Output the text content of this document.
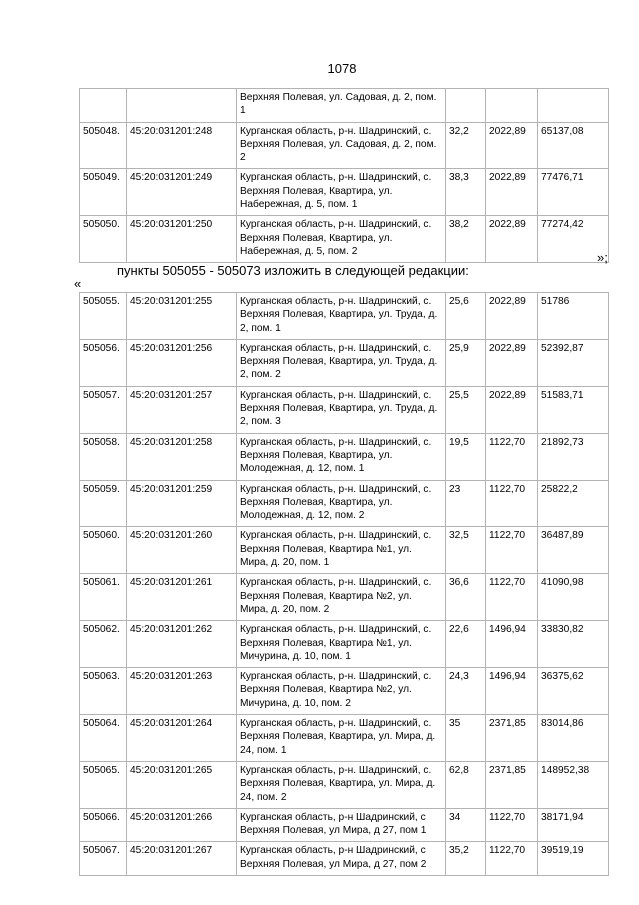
1078
		Верхняя Полевая, ул. Садовая, д. 2, пом. 1			
505048.	45:20:031201:248	Курганская область, р-н. Шадринский, с. Верхняя Полевая, ул. Садовая, д. 2, пом. 2	32,2	2022,89	65137,08
505049.	45:20:031201:249	Курганская область, р-н. Шадринский, с. Верхняя Полевая, Квартира, ул. Набережная, д. 5, пом. 1	38,3	2022,89	77476,71
505050.	45:20:031201:250	Курганская область, р-н. Шадринский, с. Верхняя Полевая, Квартира, ул. Набережная, д. 5, пом. 2	38,2	2022,89	77274,42
»;
пункты 505055 - 505073 изложить в следующей редакции:
«
505055.	45:20:031201:255	Курганская область, р-н. Шадринский, с. Верхняя Полевая, Квартира, ул. Труда, д. 2, пом. 1	25,6	2022,89	51786
505056.	45:20:031201:256	Курганская область, р-н. Шадринский, с. Верхняя Полевая, Квартира, ул. Труда, д. 2, пом. 2	25,9	2022,89	52392,87
505057.	45:20:031201:257	Курганская область, р-н. Шадринский, с. Верхняя Полевая, Квартира, ул. Труда, д. 2, пом. 3	25,5	2022,89	51583,71
505058.	45:20:031201:258	Курганская область, р-н. Шадринский, с. Верхняя Полевая, Квартира, ул. Молодежная, д. 12, пом. 1	19,5	1122,70	21892,73
505059.	45:20:031201:259	Курганская область, р-н. Шадринский, с. Верхняя Полевая, Квартира, ул. Молодежная, д. 12, пом. 2	23	1122,70	25822,2
505060.	45:20:031201:260	Курганская область, р-н. Шадринский, с. Верхняя Полевая, Квартира №1, ул. Мира, д. 20, пом. 1	32,5	1122,70	36487,89
505061.	45:20:031201:261	Курганская область, р-н. Шадринский, с. Верхняя Полевая, Квартира №2, ул. Мира, д. 20, пом. 2	36,6	1122,70	41090,98
505062.	45:20:031201:262	Курганская область, р-н. Шадринский, с. Верхняя Полевая, Квартира №1, ул. Мичурина, д. 10, пом. 1	22,6	1496,94	33830,82
505063.	45:20:031201:263	Курганская область, р-н. Шадринский, с. Верхняя Полевая, Квартира №2, ул. Мичурина, д. 10, пом. 2	24,3	1496,94	36375,62
505064.	45:20:031201:264	Курганская область, р-н. Шадринский, с. Верхняя Полевая, Квартира, ул. Мира, д. 24, пом. 1	35	2371,85	83014,86
505065.	45:20:031201:265	Курганская область, р-н. Шадринский, с. Верхняя Полевая, Квартира, ул. Мира, д. 24, пом. 2	62,8	2371,85	148952,38
505066.	45:20:031201:266	Курганская область, р-н Шадринский, с Верхняя Полевая, ул Мира, д 27, пом 1	34	1122,70	38171,94
505067.	45:20:031201:267	Курганская область, р-н Шадринский, с Верхняя Полевая, ул Мира, д 27, пом 2	35,2	1122,70	39519,19
